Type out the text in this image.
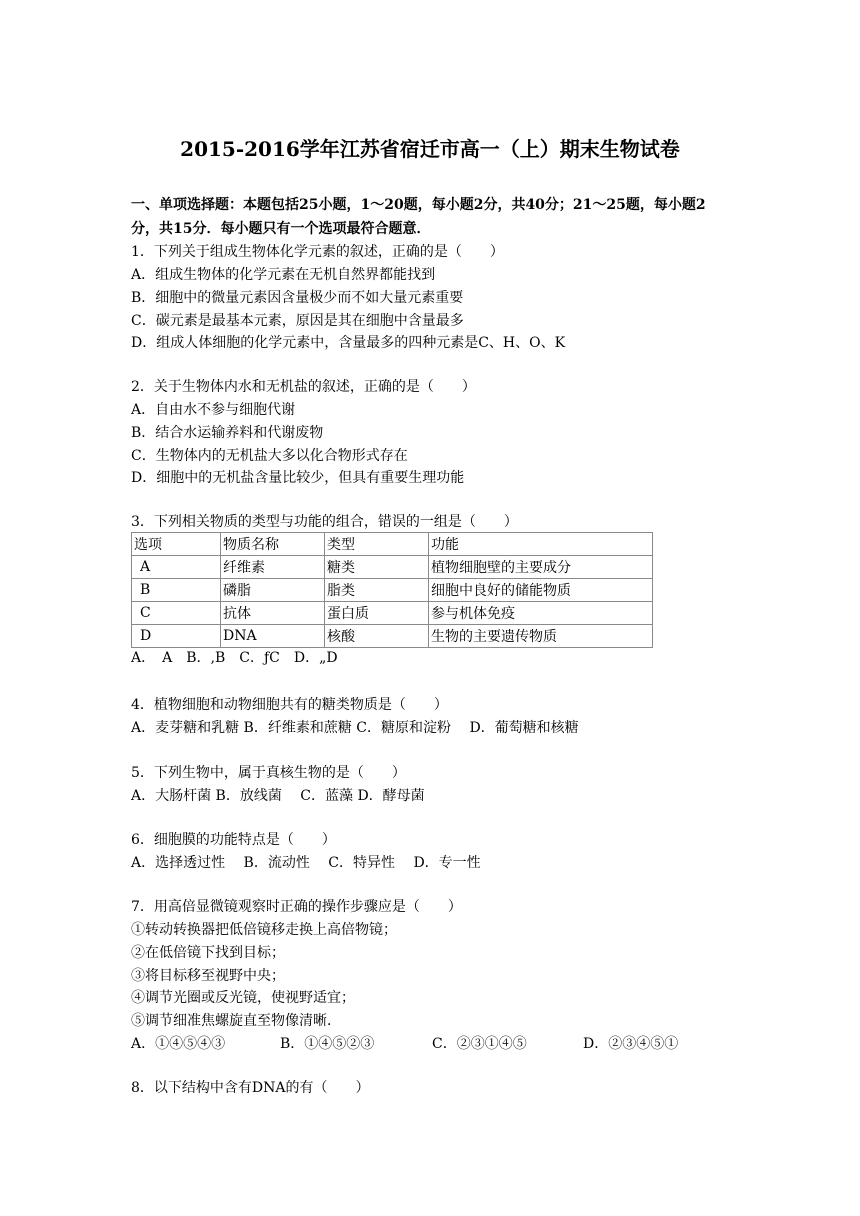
2015-2016学年江苏省宿迁市高一（上）期末生物试卷
一、单项选择题：本题包括25小题，1～20题，每小题2分，共40分；21～25题，每小题2分，共15分．每小题只有一个选项最符合题意．
1．下列关于组成生物体化学元素的叙述，正确的是（　　）
A．组成生物体的化学元素在无机自然界都能找到
B．细胞中的微量元素因含量极少而不如大量元素重要
C．碳元素是最基本元素，原因是其在细胞中含量最多
D．组成人体细胞的化学元素中，含量最多的四种元素是C、H、O、K
2．关于生物体内水和无机盐的叙述，正确的是（　　）
A．自由水不参与细胞代谢
B．结合水运输养料和代谢废物
C．生物体内的无机盐大多以化合物形式存在
D．细胞中的无机盐含量比较少，但具有重要生理功能
3．下列相关物质的类型与功能的组合，错误的一组是（　　）
选项	物质名称	类型	功能
A	纤维素	糖类	植物细胞壁的主要成分
B	磷脂	脂类	细胞中良好的储能物质
C	抗体	蛋白质	参与机体免疫
D	DNA	核酸	生物的主要遗传物质
A．　A　B．‚B　C．ƒC　D．„D
4．植物细胞和动物细胞共有的糖类物质是（　　）
A．麦芽糖和乳糖 B．纤维素和蔗糖 C．糖原和淀粉　 D．葡萄糖和核糖
5．下列生物中，属于真核生物的是（　　）
A．大肠杆菌 B．放线菌　 C．蓝藻 D．酵母菌
6．细胞膜的功能特点是（　　）
A．选择透过性　 B．流动性　 C．特异性　 D．专一性
7．用高倍显微镜观察时正确的操作步骤应是（　　）
①转动转换器把低倍镜移走换上高倍物镜；
②在低倍镜下找到目标；
③将目标移至视野中央；
④调节光圈或反光镜，使视野适宜；
⑤调节细准焦螺旋直至物像清晰．
A．①④⑤④③	B．①④⑤②③	C．②③①④⑤	D．②③④⑤①
8．以下结构中含有DNA的有（　　）
